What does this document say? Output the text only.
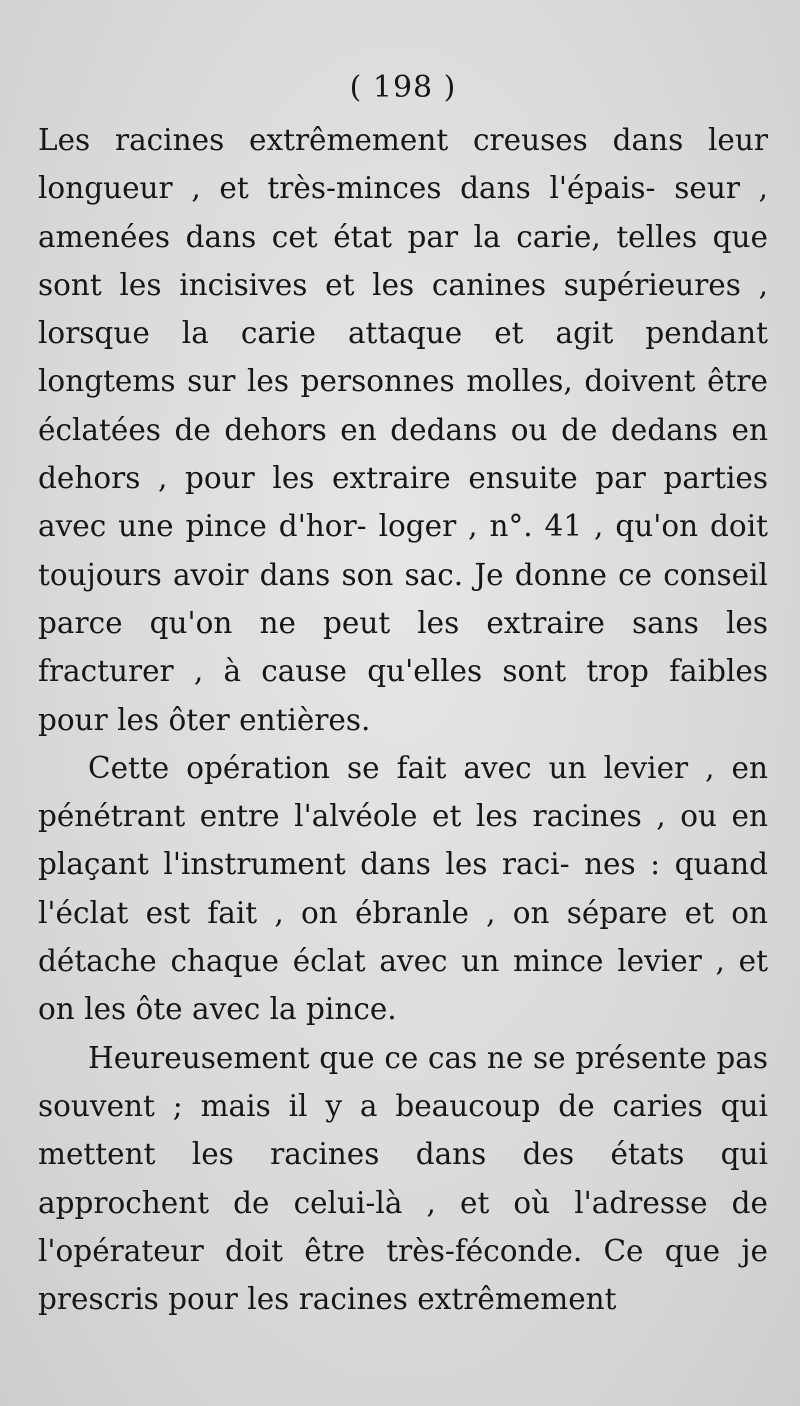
( 198 )

Les racines extrêmement creuses dans leur longueur , et très-minces dans l'épais- seur , amenées dans cet état par la carie, telles que sont les incisives et les canines supérieures , lorsque la carie attaque et agit pendant longtems sur les personnes molles, doivent être éclatées de dehors en dedans ou de dedans en dehors , pour les extraire ensuite par parties avec une pince d'hor- loger , n°. 41 , qu'on doit toujours avoir dans son sac. Je donne ce conseil parce qu'on ne peut les extraire sans les fracturer , à cause qu'elles sont trop faibles pour les ôter entières.

Cette opération se fait avec un levier , en pénétrant entre l'alvéole et les racines , ou en plaçant l'instrument dans les raci- nes : quand l'éclat est fait , on ébranle , on sépare et on détache chaque éclat avec un mince levier , et on les ôte avec la pince.

Heureusement que ce cas ne se présente pas souvent ; mais il y a beaucoup de caries qui mettent les racines dans des états qui approchent de celui-là , et où l'adresse de l'opérateur doit être très-féconde. Ce que je prescris pour les racines extrêmement
